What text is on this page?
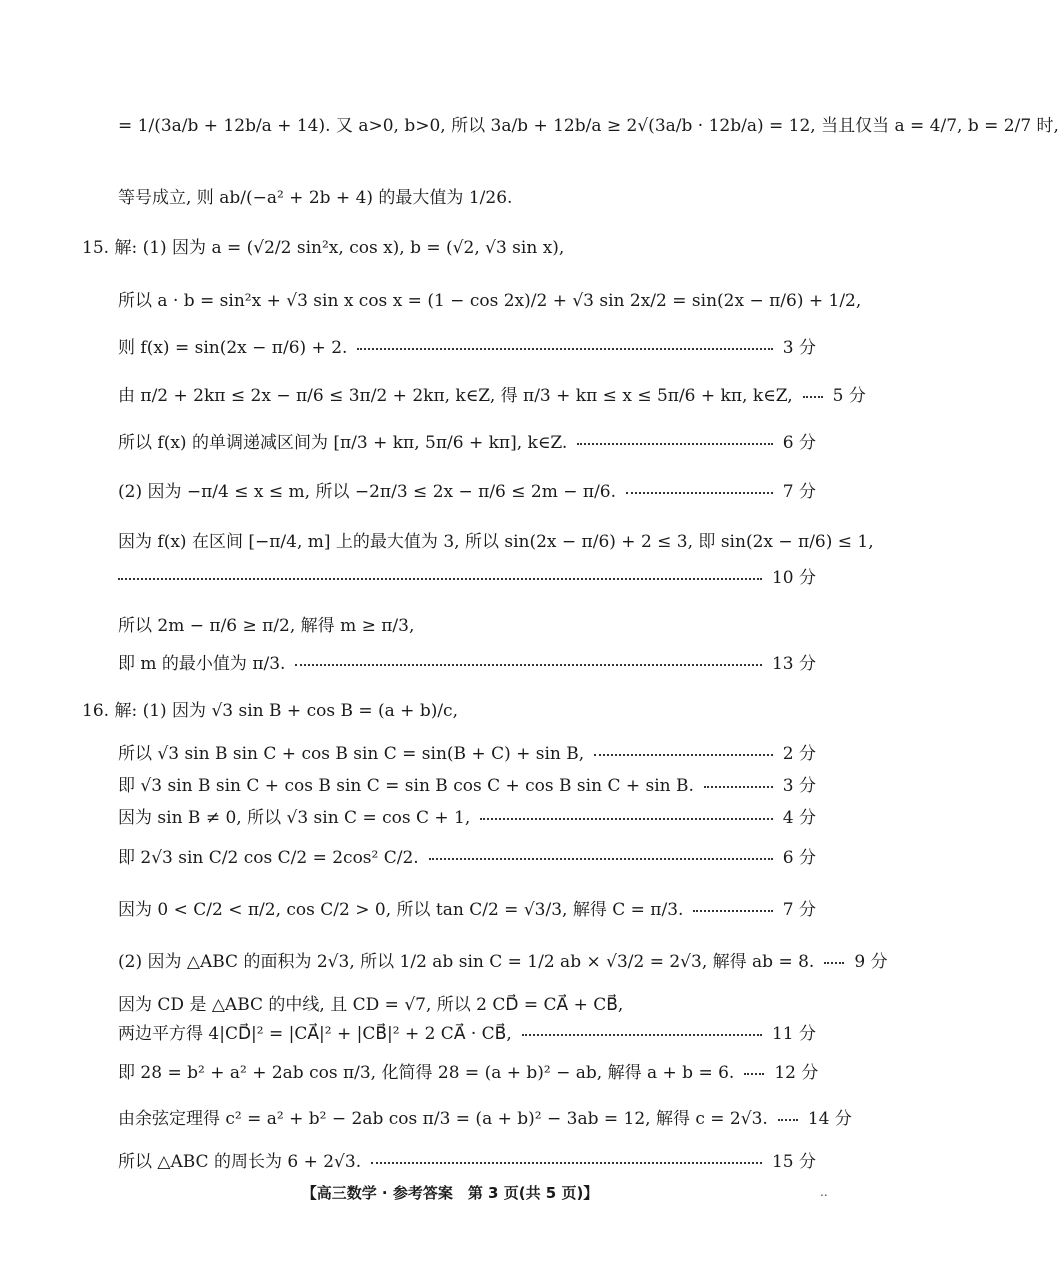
= 1/(3a/b + 12b/a + 14). 又 a>0, b>0, 所以 3a/b + 12b/a ≥ 2√(3a/b · 12b/a) = 12, 当且仅当 a = 4/7, b = 2/7 时,
等号成立, 则 ab/(−a² + 2b + 4) 的最大值为 1/26.
15. 解: (1) 因为 a = (√2/2 sin²x, cos x), b = (√2, √3 sin x),
所以 a · b = sin²x + √3 sin x cos x = (1 − cos 2x)/2 + √3 sin 2x/2 = sin(2x − π/6) + 1/2,
则 f(x) = sin(2x − π/6) + 2.	3 分
由 π/2 + 2kπ ≤ 2x − π/6 ≤ 3π/2 + 2kπ, k∈Z, 得 π/3 + kπ ≤ x ≤ 5π/6 + kπ, k∈Z, 5 分
所以 f(x) 的单调递减区间为 [π/3 + kπ, 5π/6 + kπ], k∈Z.	6 分
(2) 因为 −π/4 ≤ x ≤ m, 所以 −2π/3 ≤ 2x − π/6 ≤ 2m − π/6.	7 分
因为 f(x) 在区间 [−π/4, m] 上的最大值为 3, 所以 sin(2x − π/6) + 2 ≤ 3, 即 sin(2x − π/6) ≤ 1,
10 分
所以 2m − π/6 ≥ π/2, 解得 m ≥ π/3,
即 m 的最小值为 π/3.	13 分
16. 解: (1) 因为 √3 sin B + cos B = (a + b)/c,
所以 √3 sin B sin C + cos B sin C = sin(B + C) + sin B,	2 分
即 √3 sin B sin C + cos B sin C = sin B cos C + cos B sin C + sin B.	3 分
因为 sin B ≠ 0, 所以 √3 sin C = cos C + 1,	4 分
即 2√3 sin C/2 cos C/2 = 2cos² C/2.	6 分
因为 0 < C/2 < π/2, cos C/2 > 0, 所以 tan C/2 = √3/3, 解得 C = π/3.	7 分
(2) 因为 △ABC 的面积为 2√3, 所以 1/2 ab sin C = 1/2 ab × √3/2 = 2√3, 解得 ab = 8. 9 分
因为 CD 是 △ABC 的中线, 且 CD = √7, 所以 2 CD⃗ = CA⃗ + CB⃗,
两边平方得 4|CD⃗|² = |CA⃗|² + |CB⃗|² + 2 CA⃗ · CB⃗,	11 分
即 28 = b² + a² + 2ab cos π/3, 化简得 28 = (a + b)² − ab, 解得 a + b = 6. 12 分
由余弦定理得 c² = a² + b² − 2ab cos π/3 = (a + b)² − 3ab = 12, 解得 c = 2√3. 14 分
所以 △ABC 的周长为 6 + 2√3.	15 分
【高三数学 · 参考答案　第 3 页(共 5 页)】	..
